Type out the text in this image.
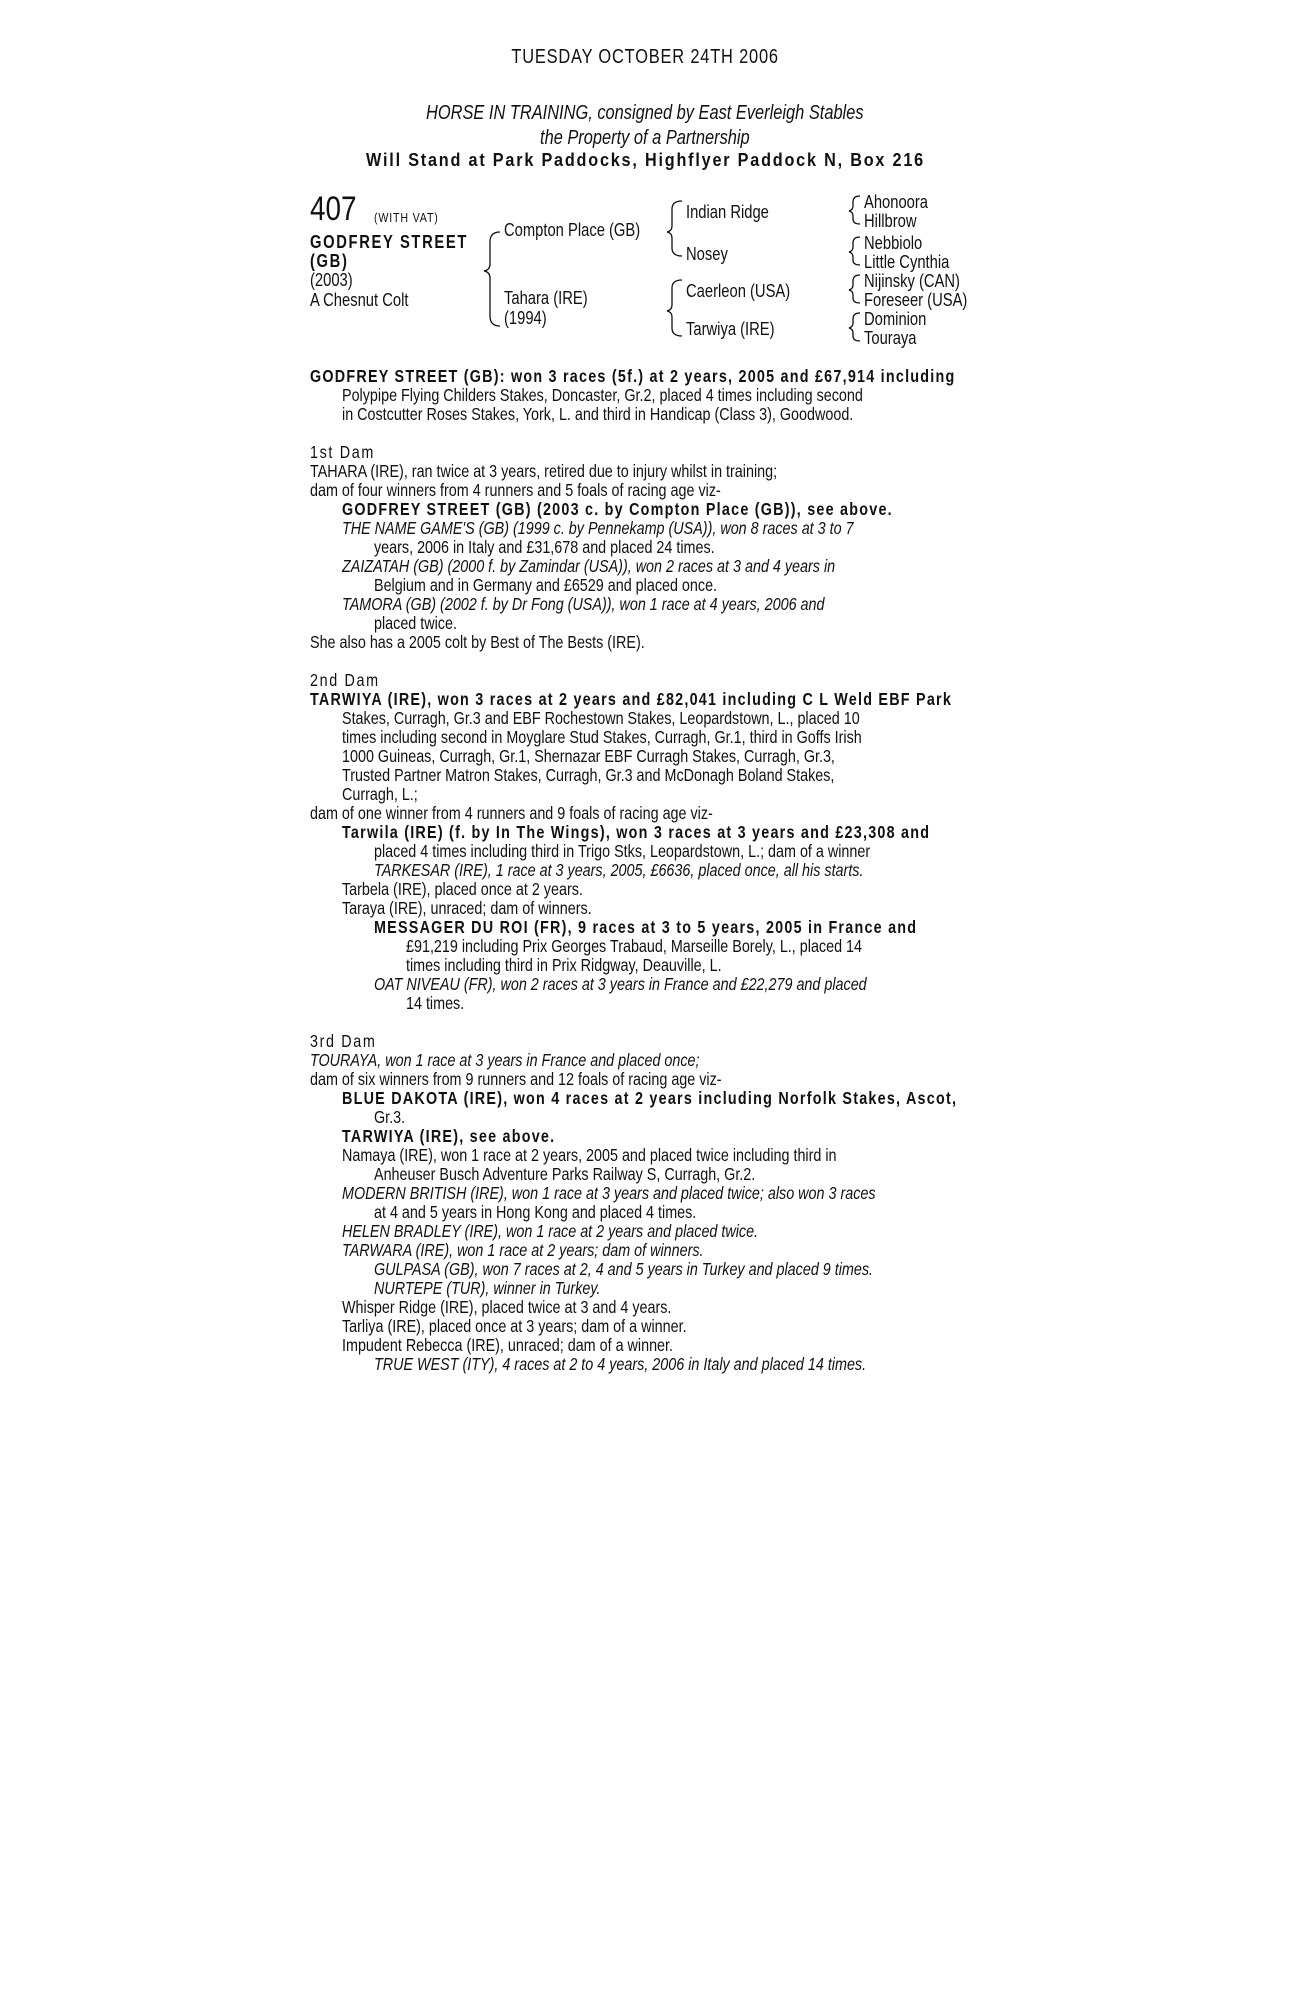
TUESDAY OCTOBER 24TH 2006
HORSE IN TRAINING, consigned by East Everleigh Stables
the Property of a Partnership
Will Stand at Park Paddocks, Highflyer Paddock N, Box 216
407	(WITH VAT)
GODFREY STREET
(GB)
(2003)
A Chesnut Colt
Compton Place (GB)
Tahara (IRE)
(1994)
Indian Ridge
Nosey
Caerleon (USA)
Tarwiya (IRE)
Ahonoora
Hillbrow
Nebbiolo
Little Cynthia
Nijinsky (CAN)
Foreseer (USA)
Dominion
Touraya
GODFREY STREET (GB): won 3 races (5f.) at 2 years, 2005 and £67,914 including
Polypipe Flying Childers Stakes, Doncaster, Gr.2, placed 4 times including second
in Costcutter Roses Stakes, York, L. and third in Handicap (Class 3), Goodwood.
1st Dam
TAHARA (IRE), ran twice at 3 years, retired due to injury whilst in training;
dam of four winners from 4 runners and 5 foals of racing age viz-
GODFREY STREET (GB) (2003 c. by Compton Place (GB)), see above.
THE NAME GAME'S (GB) (1999 c. by Pennekamp (USA)), won 8 races at 3 to 7
years, 2006 in Italy and £31,678 and placed 24 times.
ZAIZATAH (GB) (2000 f. by Zamindar (USA)), won 2 races at 3 and 4 years in
Belgium and in Germany and £6529 and placed once.
TAMORA (GB) (2002 f. by Dr Fong (USA)), won 1 race at 4 years, 2006 and
placed twice.
She also has a 2005 colt by Best of The Bests (IRE).
2nd Dam
TARWIYA (IRE), won 3 races at 2 years and £82,041 including C L Weld EBF Park
Stakes, Curragh, Gr.3 and EBF Rochestown Stakes, Leopardstown, L., placed 10
times including second in Moyglare Stud Stakes, Curragh, Gr.1, third in Goffs Irish
1000 Guineas, Curragh, Gr.1, Shernazar EBF Curragh Stakes, Curragh, Gr.3,
Trusted Partner Matron Stakes, Curragh, Gr.3 and McDonagh Boland Stakes,
Curragh, L.;
dam of one winner from 4 runners and 9 foals of racing age viz-
Tarwila (IRE) (f. by In The Wings), won 3 races at 3 years and £23,308 and
placed 4 times including third in Trigo Stks, Leopardstown, L.; dam of a winner
TARKESAR (IRE), 1 race at 3 years, 2005, £6636, placed once, all his starts.
Tarbela (IRE), placed once at 2 years.
Taraya (IRE), unraced; dam of winners.
MESSAGER DU ROI (FR), 9 races at 3 to 5 years, 2005 in France and
£91,219 including Prix Georges Trabaud, Marseille Borely, L., placed 14
times including third in Prix Ridgway, Deauville, L.
OAT NIVEAU (FR), won 2 races at 3 years in France and £22,279 and placed
14 times.
3rd Dam
TOURAYA, won 1 race at 3 years in France and placed once;
dam of six winners from 9 runners and 12 foals of racing age viz-
BLUE DAKOTA (IRE), won 4 races at 2 years including Norfolk Stakes, Ascot,
Gr.3.
TARWIYA (IRE), see above.
Namaya (IRE), won 1 race at 2 years, 2005 and placed twice including third in
Anheuser Busch Adventure Parks Railway S, Curragh, Gr.2.
MODERN BRITISH (IRE), won 1 race at 3 years and placed twice; also won 3 races
at 4 and 5 years in Hong Kong and placed 4 times.
HELEN BRADLEY (IRE), won 1 race at 2 years and placed twice.
TARWARA (IRE), won 1 race at 2 years; dam of winners.
GULPASA (GB), won 7 races at 2, 4 and 5 years in Turkey and placed 9 times.
NURTEPE (TUR), winner in Turkey.
Whisper Ridge (IRE), placed twice at 3 and 4 years.
Tarliya (IRE), placed once at 3 years; dam of a winner.
Impudent Rebecca (IRE), unraced; dam of a winner.
TRUE WEST (ITY), 4 races at 2 to 4 years, 2006 in Italy and placed 14 times.
